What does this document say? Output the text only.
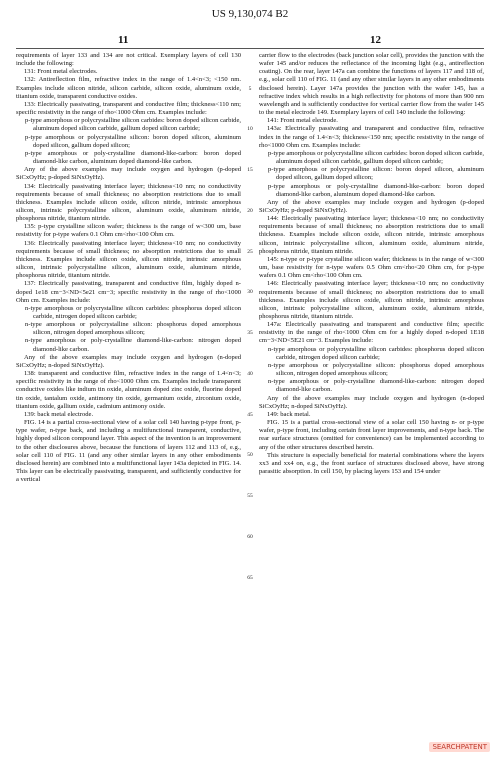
US 9,130,074 B2
11	12

requirements of layer 133 and 134 are not critical. Exemplary layers of cell 130 include the following:

131: Front metal electrodes.

132: Antireflection film, refractive index in the range of 1.4<n<3; <150 nm. Examples include silicon nitride, silicon carbide, silicon oxide, aluminum oxide, titanium oxide, transparent conductive oxides.

133: Electrically passivating, transparent and conductive film; thickness<110 nm; specific resistivity in the range of rho<1000 Ohm cm. Examples include:

p-type amorphous or polycrystalline silicon carbides: boron doped silicon carbide, aluminum doped silicon carbide, gallium doped silicon carbide;

p-type amorphous or polycrystalline silicon: boron doped silicon, aluminum doped silicon, gallium doped silicon;

p-type amorphous or poly-crystalline diamond-like-carbon: boron doped diamond-like carbon, aluminum doped diamond-like carbon.

Any of the above examples may include oxygen and hydrogen (p-doped SiCxOyHz; p-doped SiNxOyHz).

134: Electrically passivating interface layer; thickness<10 nm; no conductivity requirements because of small thickness; no absorption restrictions due to small thickness. Examples include silicon oxide, silicon nitride, intrinsic amorphous silicon, intrinsic polycrystalline silicon, aluminum oxide, aluminum nitride, phosphorus nitride, titanium nitride.

135: p-type crystalline silicon wafer; thickness is the range of w<300 um, base resistivity for p-type wafers 0.1 Ohm cm<rho<100 Ohm cm.

136: Electrically passivating interface layer; thickness<10 nm; no conductivity requirements because of small thickness; no absorption restrictions due to small thickness. Examples include silicon oxide, silicon nitride, intrinsic amorphous silicon, intrinsic polycrystalline silicon, aluminum oxide, aluminum nitride, phosphorus nitride, titanium nitride.

137: Electrically passivating, transparent and conductive film, highly doped n-doped 1e18 cm−3<ND<5e21 cm−3; specific resistivity in the range of rho<1000 Ohm cm. Examples include:

n-type amorphous or polycrystalline silicon carbides: phosphorus doped silicon carbide, nitrogen doped silicon carbide;

n-type amorphous or polycrystalline silicon: phosphorus doped amorphous silicon, nitrogen doped amorphous silicon;

n-type amorphous or poly-crystalline diamond-like-carbon: nitrogen doped diamond-like carbon.

Any of the above examples may include oxygen and hydrogen (n-doped SiCxOyHz; n-doped SiNxOyHz).

138: transparent and conductive film, refractive index in the range of 1.4<n<3; specific resistivity in the range of rho<1000 Ohm cm. Examples include transparent conductive oxides like indium tin oxide, aluminum doped zinc oxide, fluorine doped tin oxide, tantalum oxide, antimony tin oxide, germanium oxide, zirconium oxide, titanium oxide, gallium oxide, cadmium antimony oxide.

139: back metal electrode.

FIG. 14 is a partial cross-sectional view of a solar cell 140 having p-type front, p-type wafer, n-type back, and including a multifunctional transparent, conductive, highly doped silicon compound layer. This aspect of the invention is an improvement to the other disclosures above, because the functions of layers 112 and 113 of, e.g., solar cell 110 of FIG. 11 (and any other similar layers in any other embodiments disclosed herein) are combined into a multifunctional layer 143a depicted in FIG. 14. This layer can be electrically passivating, transparent, and sufficiently conductive for a vertical

5
10
15
20
25
30
35
40
45
50
55
60
65

carrier flow to the electrodes (back junction solar cell), provides the junction with the wafer 145 and/or reduces the reflectance of the incoming light (e.g., antireflection coating). On the rear, layer 147a can combine the functions of layers 117 and 118 of, e.g., solar cell 110 of FIG. 11 (and any other similar layers in any other embodiments disclosed herein). Layer 147a provides the junction with the wafer 145, has a refractive index which results in a high reflectivity for photons of more than 900 nm wavelength and is sufficiently conductive for vertical carrier flow from the wafer 145 to the metal electrode 149. Exemplary layers of cell 140 include the following:

141: Front metal electrode.

143a: Electrically passivating and transparent and conductive film, refractive index in the range of 1.4<n<3; thickness<150 nm; specific resistivity in the range of rho<1000 Ohm cm. Examples include:

p-type amorphous or polycrystalline silicon carbides: boron doped silicon carbide, aluminum doped silicon carbide, gallium doped silicon carbide;

p-type amorphous or polycrystalline silicon: boron doped silicon, aluminum doped silicon, gallium doped silicon;

p-type amorphous or poly-crystalline diamond-like-carbon: boron doped diamond-like carbon, aluminum doped diamond-like carbon.

Any of the above examples may include oxygen and hydrogen (p-doped SiCxOyHz; p-doped SiNxOyHz).

144: Electrically passivating interface layer; thickness<10 nm; no conductivity requirements because of small thickness; no absorption restrictions due to small thickness. Examples include silicon oxide, silicon nitride, intrinsic amorphous silicon, intrinsic polycrystalline silicon, aluminum oxide, aluminum nitride, phosphorus nitride, titanium nitride.

145: n-type or p-type crystalline silicon wafer; thickness is in the range of w<300 um, base resistivity for n-type wafers 0.5 Ohm cm<rho<20 Ohm cm, for p-type wafers 0.1 Ohm cm<rho<100 Ohm cm.

146: Electrically passivating interface layer; thickness<10 nm; no conductivity requirements because of small thickness; no absorption restrictions due to small thickness. Examples include silicon oxide, silicon nitride, intrinsic amorphous silicon, intrinsic polycrystalline silicon, aluminum oxide, aluminum nitride, phosphorus nitride, titanium nitride.

147a: Electrically passivating and transparent and conductive film; specific resistivity in the range of rho<1000 Ohm cm for a highly doped n-doped 1E18 cm−3<ND<5E21 cm−3. Examples include:

n-type amorphous or polycrystalline silicon carbides: phosphorus doped silicon carbide, nitrogen doped silicon carbide;

n-type amorphous or polycrystalline silicon: phosphorus doped amorphous silicon, nitrogen doped amorphous silicon;

n-type amorphous or poly-crystalline diamond-like-carbon: nitrogen doped diamond-like carbon.

Any of the above examples may include oxygen and hydrogen (n-doped SiCxOyHz; n-doped SiNxOyHz).

149: back metal.

FIG. 15 is a partial cross-sectional view of a solar cell 150 having n- or p-type wafer, p-type front, including certain front layer improvements, and n-type back. The rear surface structures (omitted for convenience) can be implemented according to any of the other structures described herein.

This structure is especially beneficial for material combinations where the layers xx3 and xx4 on, e.g., the front surface of structures disclosed above, have strong parasitic absorption. In cell 150, by placing layers 153 and 154 under

SEARCHPATENT
